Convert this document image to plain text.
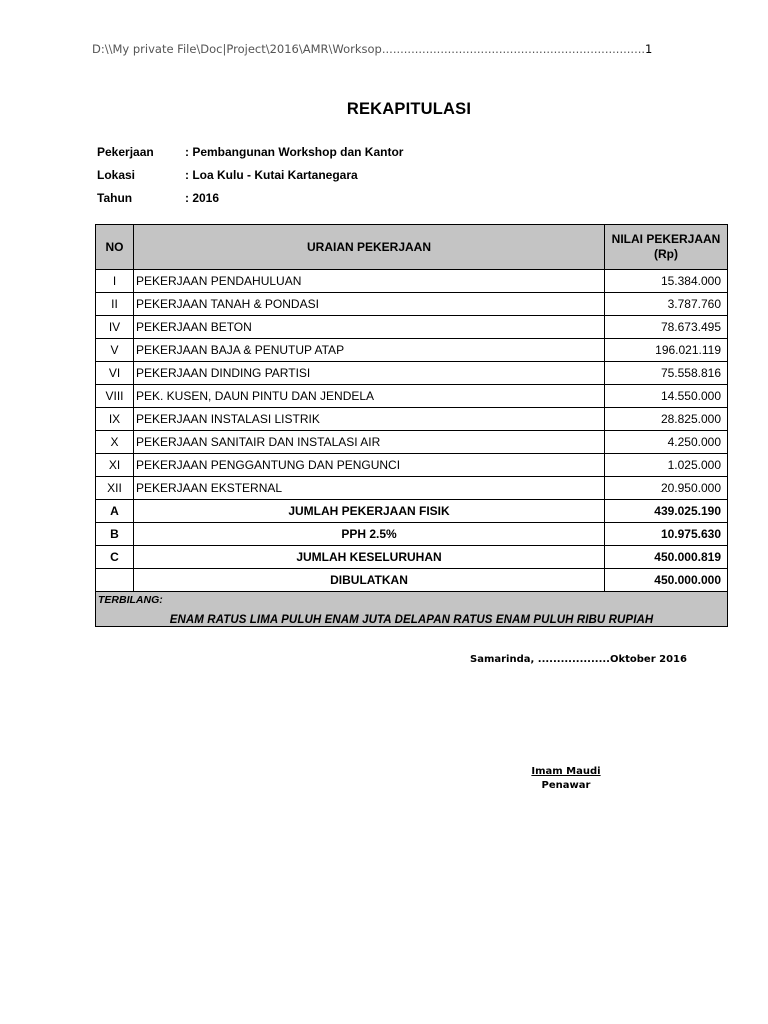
D:\\My private File\Doc|Project\2016\AMR\Worksop........................................................................1
REKAPITULASI
Pekerjaan	: Pembangunan Workshop dan Kantor
Lokasi	: Loa Kulu - Kutai Kartanegara
Tahun	: 2016
NO	URAIAN PEKERJAAN	NILAI PEKERJAAN
(Rp)
I	PEKERJAAN PENDAHULUAN	15.384.000
II	PEKERJAAN TANAH & PONDASI	3.787.760
IV	PEKERJAAN BETON	78.673.495
V	PEKERJAAN BAJA & PENUTUP ATAP	196.021.119
VI	PEKERJAAN DINDING PARTISI	75.558.816
VIII	PEK. KUSEN, DAUN PINTU DAN JENDELA	14.550.000
IX	PEKERJAAN INSTALASI LISTRIK	28.825.000
X	PEKERJAAN SANITAIR DAN INSTALASI AIR	4.250.000
XI	PEKERJAAN PENGGANTUNG DAN PENGUNCI	1.025.000
XII	PEKERJAAN EKSTERNAL	20.950.000
A	JUMLAH PEKERJAAN FISIK	439.025.190
B	PPH 2.5%	10.975.630
C	JUMLAH KESELURUHAN	450.000.819
	DIBULATKAN	450.000.000

TERBILANG:
ENAM RATUS LIMA PULUH ENAM JUTA DELAPAN RATUS ENAM PULUH RIBU RUPIAH		
Samarinda, ...................Oktober 2016
Imam Maudi
Penawar
